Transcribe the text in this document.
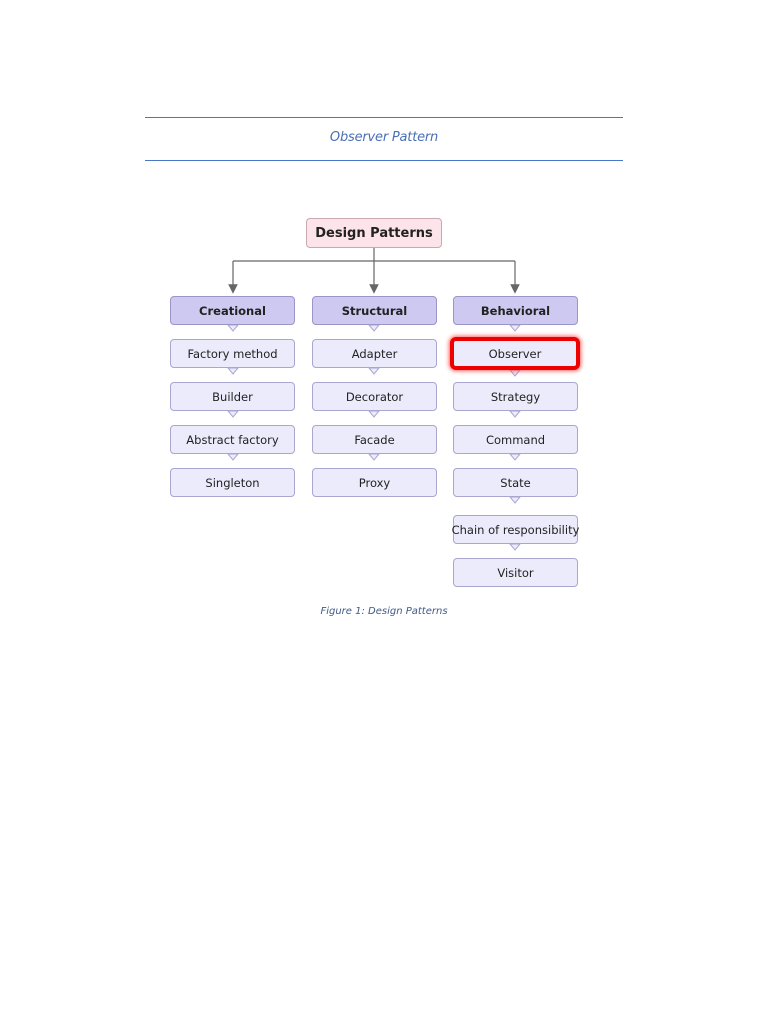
Observer Pattern
Design Patterns
Creational
Factory method
Builder
Abstract factory
Singleton
Structural
Adapter
Decorator
Facade
Proxy
Behavioral
Observer
Strategy
Command
State
Chain of responsibility
Visitor
Figure 1: Design Patterns
